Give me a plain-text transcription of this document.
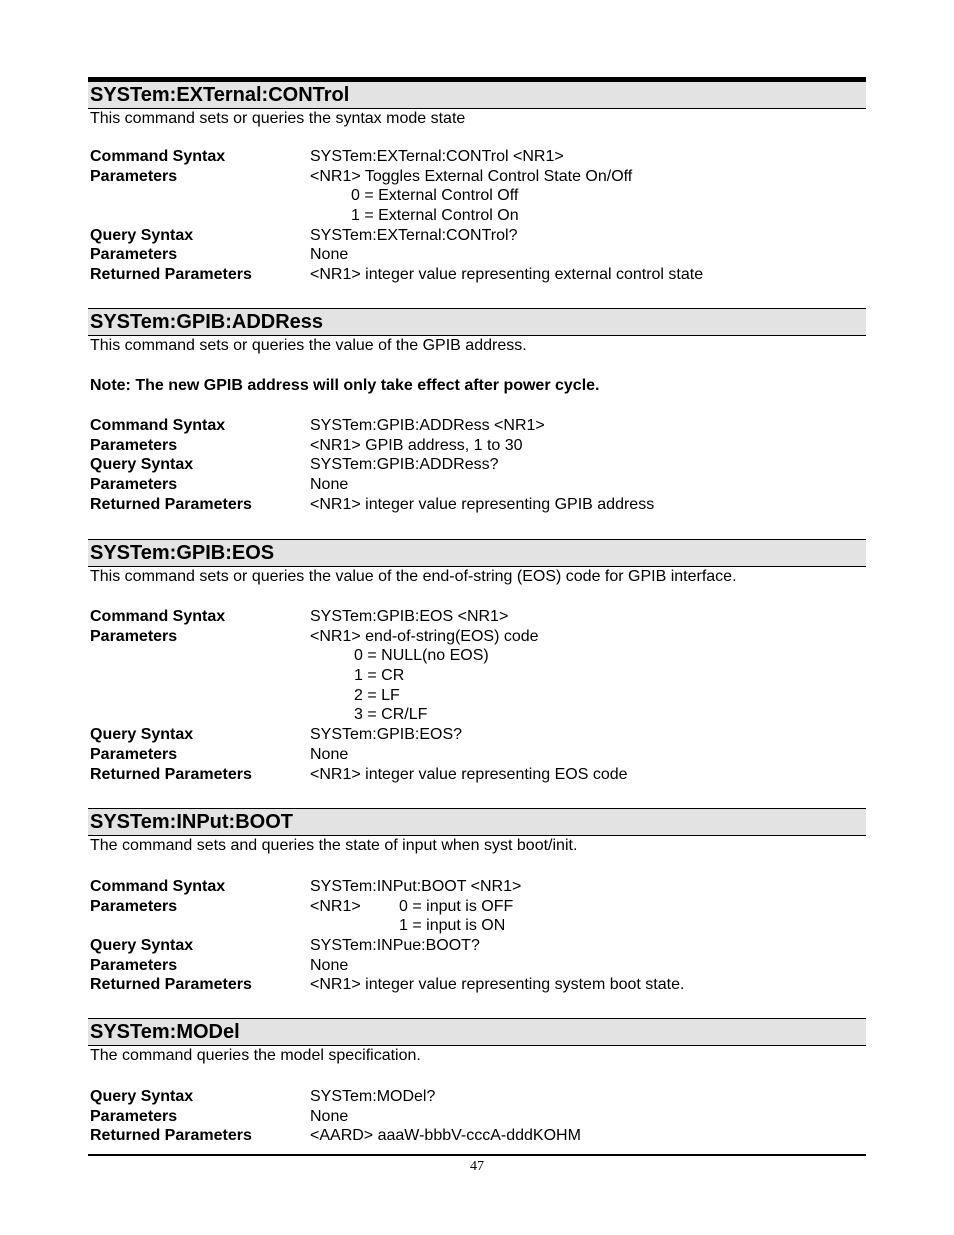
SYSTem:EXTernal:CONTrol
This command sets or queries the syntax mode state
Command Syntax	SYSTem:EXTernal:CONTrol <NR1>
Parameters	<NR1> Toggles External Control State On/Off
0 = External Control Off
1 = External Control On
Query Syntax	SYSTem:EXTernal:CONTrol?
Parameters	None
Returned Parameters	<NR1> integer value representing external control state
SYSTem:GPIB:ADDRess
This command sets or queries the value of the GPIB address.
Note: The new GPIB address will only take effect after power cycle.
Command Syntax	SYSTem:GPIB:ADDRess <NR1>
Parameters	<NR1> GPIB address, 1 to 30
Query Syntax	SYSTem:GPIB:ADDRess?
Parameters	None
Returned Parameters	<NR1> integer value representing GPIB address
SYSTem:GPIB:EOS
This command sets or queries the value of the end-of-string (EOS) code for GPIB interface.
Command Syntax	SYSTem:GPIB:EOS <NR1>
Parameters	<NR1> end-of-string(EOS) code
0 = NULL(no EOS)
1 = CR
2 = LF
3 = CR/LF
Query Syntax	SYSTem:GPIB:EOS?
Parameters	None
Returned Parameters	<NR1> integer value representing EOS code
SYSTem:INPut:BOOT
The command sets and queries the state of input when syst boot/init.
Command Syntax	SYSTem:INPut:BOOT <NR1>
Parameters	<NR1> 0 = input is OFF
1 = input is ON
Query Syntax	SYSTem:INPue:BOOT?
Parameters	None
Returned Parameters	<NR1> integer value representing system boot state.
SYSTem:MODel
The command queries the model specification.
Query Syntax	SYSTem:MODel?
Parameters	None
Returned Parameters	<AARD> aaaW-bbbV-cccA-dddKOHM
47
